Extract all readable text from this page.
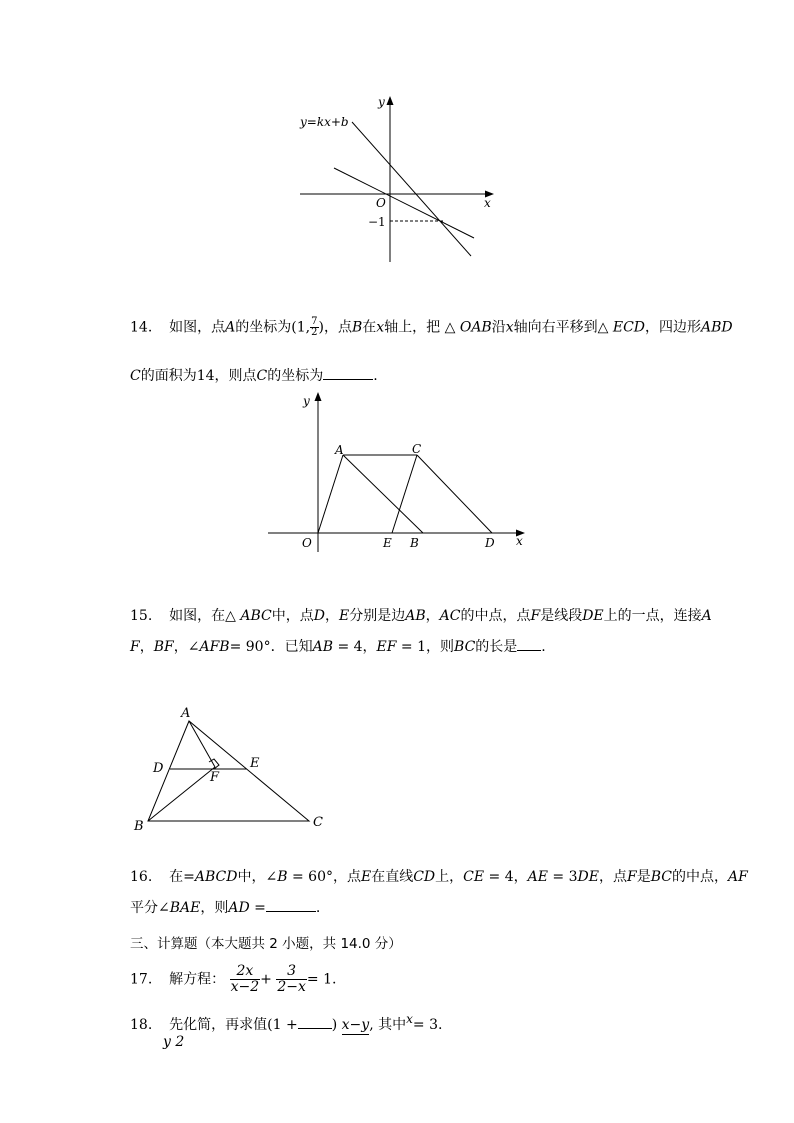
y=kx+b
y
x
O
−1
14. 如图，点A的坐标为(1, $\frac{7}{2}$ )，点B在x轴上，把 △ OAB沿x轴向右平移到△ ECD，四边形ABD
C的面积为14，则点C的坐标为	.
y
x
O
A	C
E B	D
15. 如图，在△ ABC中，点D，E分别是边AB，AC的中点，点F是线段DE上的一点，连接A
F，BF，∠AFB= 90°．已知AB = 4，EF = 1，则BC的长是 .
A
B	C
D	E
F
16. 在=ABCD中，∠B = 60°，点E在直线CD上，CE = 4，AE = 3DE，点F是BC的中点，AF
平分∠BAE，则AD =	.
三、计算题（本大题共 2 小题，共 14.0 分）
17. 解方程： $\frac{2x}{x-2} + \frac{3}{2-x} = 1$.
18. 先化简，再求值(1 + ) x−y, 其中x= 3.
y 2
